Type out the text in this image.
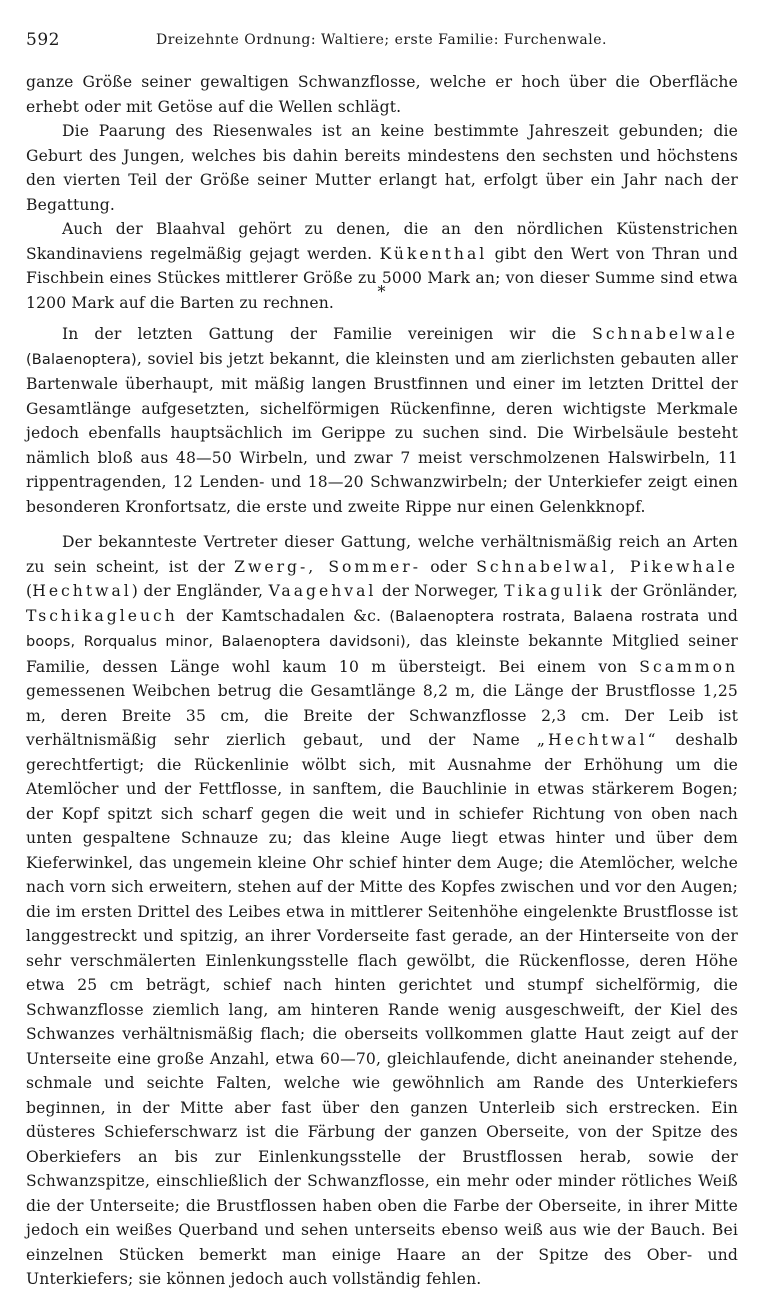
592	Dreizehnte Ordnung: Waltiere; erste Familie: Furchenwale.

ganze Größe seiner gewaltigen Schwanzflosse, welche er hoch über die Oberfläche erhebt oder mit Getöse auf die Wellen schlägt.

Die Paarung des Riesenwales ist an keine bestimmte Jahreszeit gebunden; die Geburt des Jungen, welches bis dahin bereits mindestens den sechsten und höchstens den vierten Teil der Größe seiner Mutter erlangt hat, erfolgt über ein Jahr nach der Begattung.

Auch der Blaahval gehört zu denen, die an den nördlichen Küstenstrichen Skandinaviens regelmäßig gejagt werden. Kükenthal gibt den Wert von Thran und Fischbein eines Stückes mittlerer Größe zu 5000 Mark an; von dieser Summe sind etwa 1200 Mark auf die Barten zu rechnen.

*

In der letzten Gattung der Familie vereinigen wir die Schnabelwale (Balaenoptera), soviel bis jetzt bekannt, die kleinsten und am zierlichsten gebauten aller Bartenwale überhaupt, mit mäßig langen Brustfinnen und einer im letzten Drittel der Gesamtlänge aufgesetzten, sichelförmigen Rückenfinne, deren wichtigste Merkmale jedoch ebenfalls hauptsächlich im Gerippe zu suchen sind. Die Wirbelsäule besteht nämlich bloß aus 48—50 Wirbeln, und zwar 7 meist verschmolzenen Halswirbeln, 11 rippentragenden, 12 Lenden- und 18—20 Schwanzwirbeln; der Unterkiefer zeigt einen besonderen Kronfortsatz, die erste und zweite Rippe nur einen Gelenkknopf.

Der bekannteste Vertreter dieser Gattung, welche verhältnismäßig reich an Arten zu sein scheint, ist der Zwerg-, Sommer- oder Schnabelwal, Pikewhale (Hechtwal) der Engländer, Vaagehval der Norweger, Tikagulik der Grönländer, Tschikagleuch der Kamtschadalen &c. (Balaenoptera rostrata, Balaena rostrata und boops, Rorqualus minor, Balaenoptera davidsoni), das kleinste bekannte Mitglied seiner Familie, dessen Länge wohl kaum 10 m übersteigt. Bei einem von Scammon gemessenen Weibchen betrug die Gesamtlänge 8,2 m, die Länge der Brustflosse 1,25 m, deren Breite 35 cm, die Breite der Schwanzflosse 2,3 cm. Der Leib ist verhältnismäßig sehr zierlich gebaut, und der Name „Hechtwal“ deshalb gerechtfertigt; die Rückenlinie wölbt sich, mit Ausnahme der Erhöhung um die Atemlöcher und der Fettflosse, in sanftem, die Bauchlinie in etwas stärkerem Bogen; der Kopf spitzt sich scharf gegen die weit und in schiefer Richtung von oben nach unten gespaltene Schnauze zu; das kleine Auge liegt etwas hinter und über dem Kieferwinkel, das ungemein kleine Ohr schief hinter dem Auge; die Atemlöcher, welche nach vorn sich erweitern, stehen auf der Mitte des Kopfes zwischen und vor den Augen; die im ersten Drittel des Leibes etwa in mittlerer Seitenhöhe eingelenkte Brustflosse ist langgestreckt und spitzig, an ihrer Vorderseite fast gerade, an der Hinterseite von der sehr verschmälerten Einlenkungsstelle flach gewölbt, die Rückenflosse, deren Höhe etwa 25 cm beträgt, schief nach hinten gerichtet und stumpf sichelförmig, die Schwanzflosse ziemlich lang, am hinteren Rande wenig ausgeschweift, der Kiel des Schwanzes verhältnismäßig flach; die oberseits vollkommen glatte Haut zeigt auf der Unterseite eine große Anzahl, etwa 60—70, gleichlaufende, dicht aneinander stehende, schmale und seichte Falten, welche wie gewöhnlich am Rande des Unterkiefers beginnen, in der Mitte aber fast über den ganzen Unterleib sich erstrecken. Ein düsteres Schieferschwarz ist die Färbung der ganzen Oberseite, von der Spitze des Oberkiefers an bis zur Einlenkungsstelle der Brustflossen herab, sowie der Schwanzspitze, einschließlich der Schwanzflosse, ein mehr oder minder rötliches Weiß die der Unterseite; die Brustflossen haben oben die Farbe der Oberseite, in ihrer Mitte jedoch ein weißes Querband und sehen unterseits ebenso weiß aus wie der Bauch. Bei einzelnen Stücken bemerkt man einige Haare an der Spitze des Ober- und Unterkiefers; sie können jedoch auch vollständig fehlen.
